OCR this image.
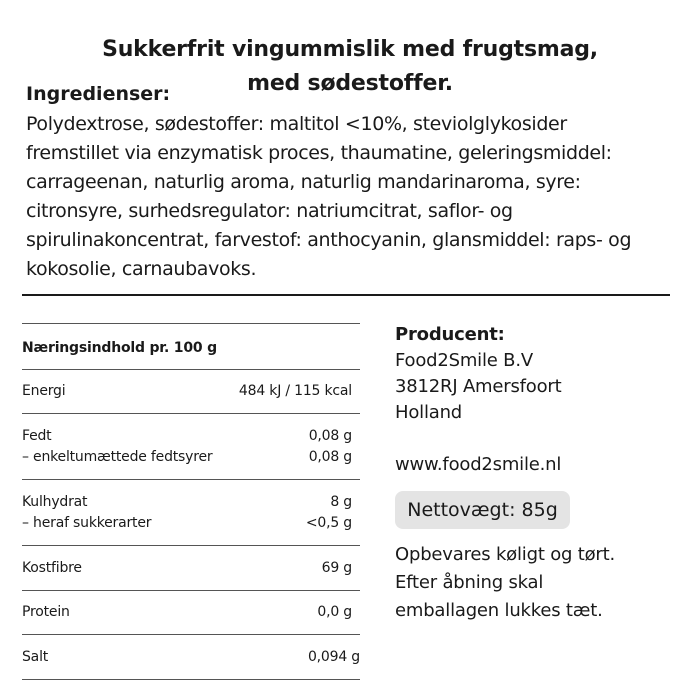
Sukkerfrit vingummislik med frugtsmag,
med sødestoffer.
Ingredienser:
Polydextrose, sødestoffer: maltitol <10%, steviolglykosider
fremstillet via enzymatisk proces, thaumatine, geleringsmiddel:
carrageenan, naturlig aroma, naturlig mandarinaroma, syre:
citronsyre, surhedsregulator: natriumcitrat, saflor- og
spirulinakoncentrat, farvestof: anthocyanin, glansmiddel: raps- og
kokosolie, carnaubavoks.
Næringsindhold pr. 100 g
Energi	484 kJ / 115 kcal
Fedt	0,08 g
– enkeltumættede fedtsyrer	0,08 g
Kulhydrat	8 g
– heraf sukkerarter	<0,5 g
Kostfibre	69 g
Protein	0,0 g
Salt	0,094 g
Producent:
Food2Smile B.V
3812RJ Amersfoort
Holland
www.food2smile.nl
Nettovægt: 85g
Opbevares køligt og tørt.
Efter åbning skal
emballagen lukkes tæt.
